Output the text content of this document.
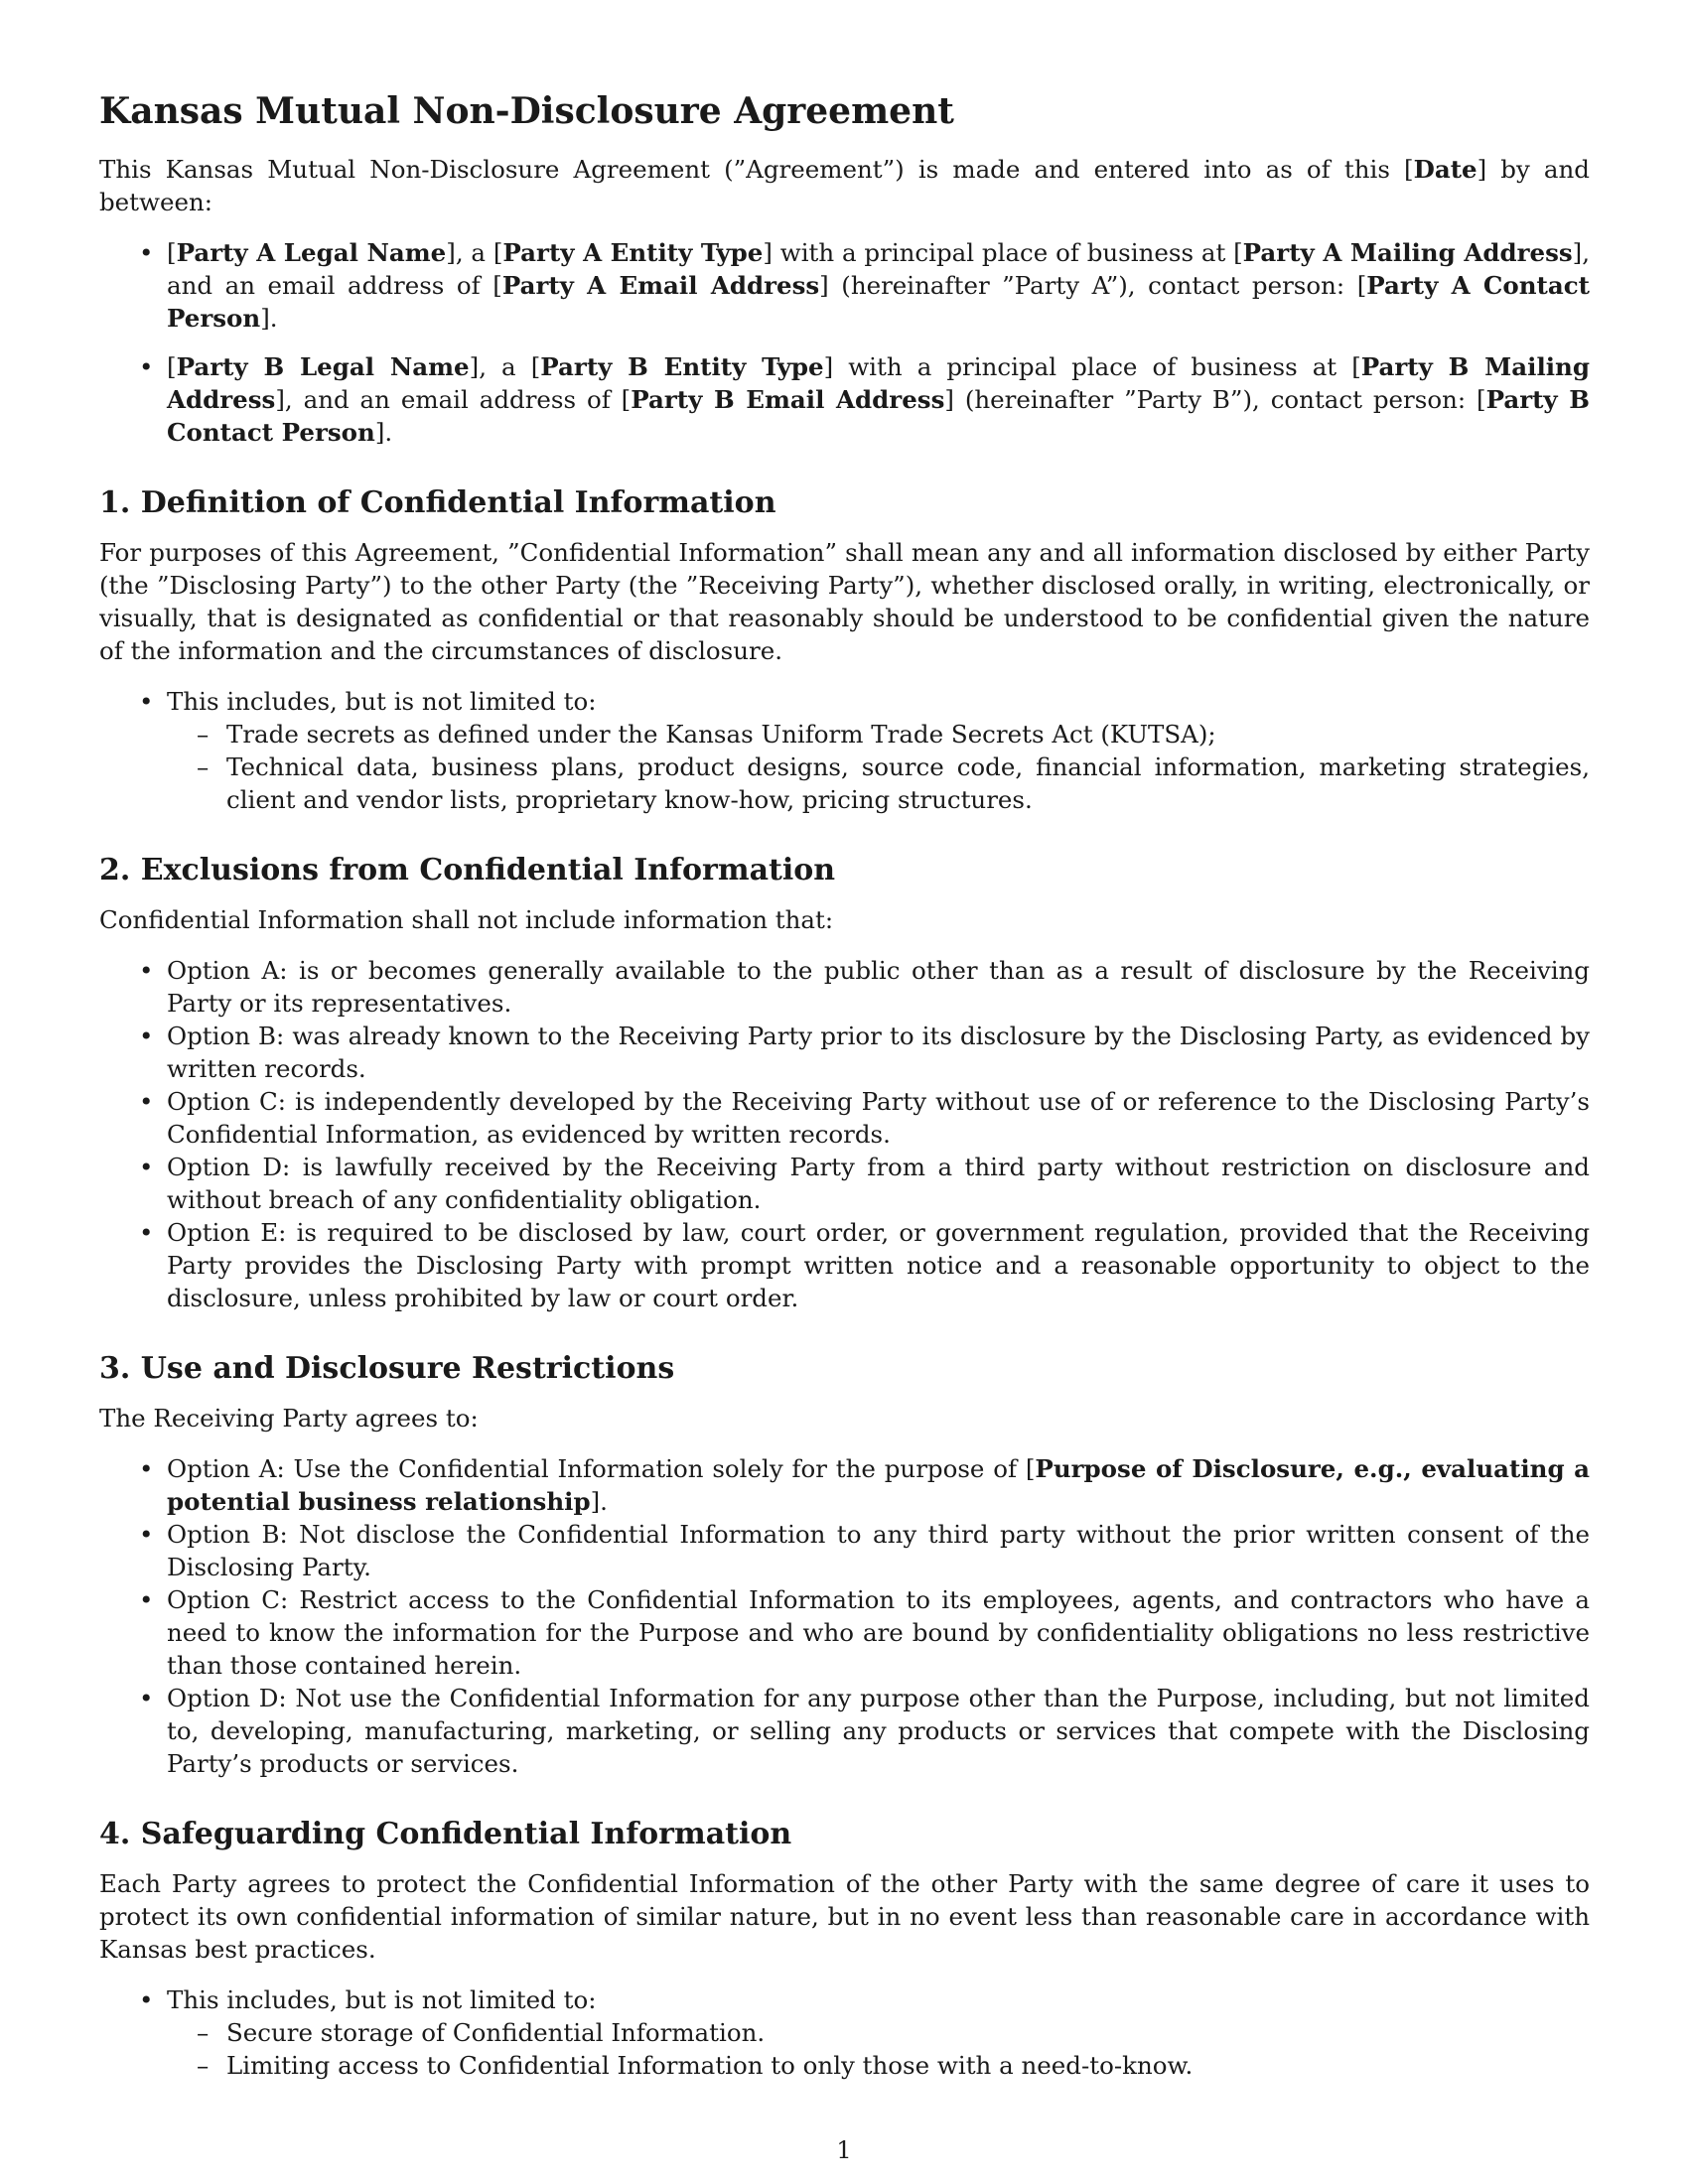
Kansas Mutual Non-Disclosure Agreement

This Kansas Mutual Non-Disclosure Agreement (”Agreement”) is made and entered into as of this [Date] by and between:

• [Party A Legal Name], a [Party A Entity Type] with a principal place of business at [Party A Mailing Address], and an email address of [Party A Email Address] (hereinafter ”Party A”), contact person: [Party A Contact Person].
• [Party B Legal Name], a [Party B Entity Type] with a principal place of business at [Party B Mailing Address], and an email address of [Party B Email Address] (hereinafter ”Party B”), contact person: [Party B Contact Person].
1. Definition of Confidential Information

For purposes of this Agreement, ”Confidential Information” shall mean any and all information disclosed by either Party (the ”Disclosing Party”) to the other Party (the ”Receiving Party”), whether disclosed orally, in writing, electronically, or visually, that is designated as confidential or that reasonably should be understood to be confidential given the nature of the information and the circumstances of disclosure.

• This includes, but is not limited to:
– Trade secrets as defined under the Kansas Uniform Trade Secrets Act (KUTSA);
– Technical data, business plans, product designs, source code, financial information, marketing strategies, client and vendor lists, proprietary know-how, pricing structures.
2. Exclusions from Confidential Information

Confidential Information shall not include information that:

• Option A: is or becomes generally available to the public other than as a result of disclosure by the Receiving Party or its representatives.
• Option B: was already known to the Receiving Party prior to its disclosure by the Disclosing Party, as evidenced by written records.
• Option C: is independently developed by the Receiving Party without use of or reference to the Disclosing Party’s Confidential Information, as evidenced by written records.
• Option D: is lawfully received by the Receiving Party from a third party without restriction on disclosure and without breach of any confidentiality obligation.
• Option E: is required to be disclosed by law, court order, or government regulation, provided that the Receiving Party provides the Disclosing Party with prompt written notice and a reasonable opportunity to object to the disclosure, unless prohibited by law or court order.
3. Use and Disclosure Restrictions

The Receiving Party agrees to:

• Option A: Use the Confidential Information solely for the purpose of [Purpose of Disclosure, e.g., evaluating a potential business relationship].
• Option B: Not disclose the Confidential Information to any third party without the prior written consent of the Disclosing Party.
• Option C: Restrict access to the Confidential Information to its employees, agents, and contractors who have a need to know the information for the Purpose and who are bound by confidentiality obligations no less restrictive than those contained herein.
• Option D: Not use the Confidential Information for any purpose other than the Purpose, including, but not limited to, developing, manufacturing, marketing, or selling any products or services that compete with the Disclosing Party’s products or services.
4. Safeguarding Confidential Information

Each Party agrees to protect the Confidential Information of the other Party with the same degree of care it uses to protect its own confidential information of similar nature, but in no event less than reasonable care in accordance with Kansas best practices.

• This includes, but is not limited to:
– Secure storage of Confidential Information.
– Limiting access to Confidential Information to only those with a need-to-know.
1
